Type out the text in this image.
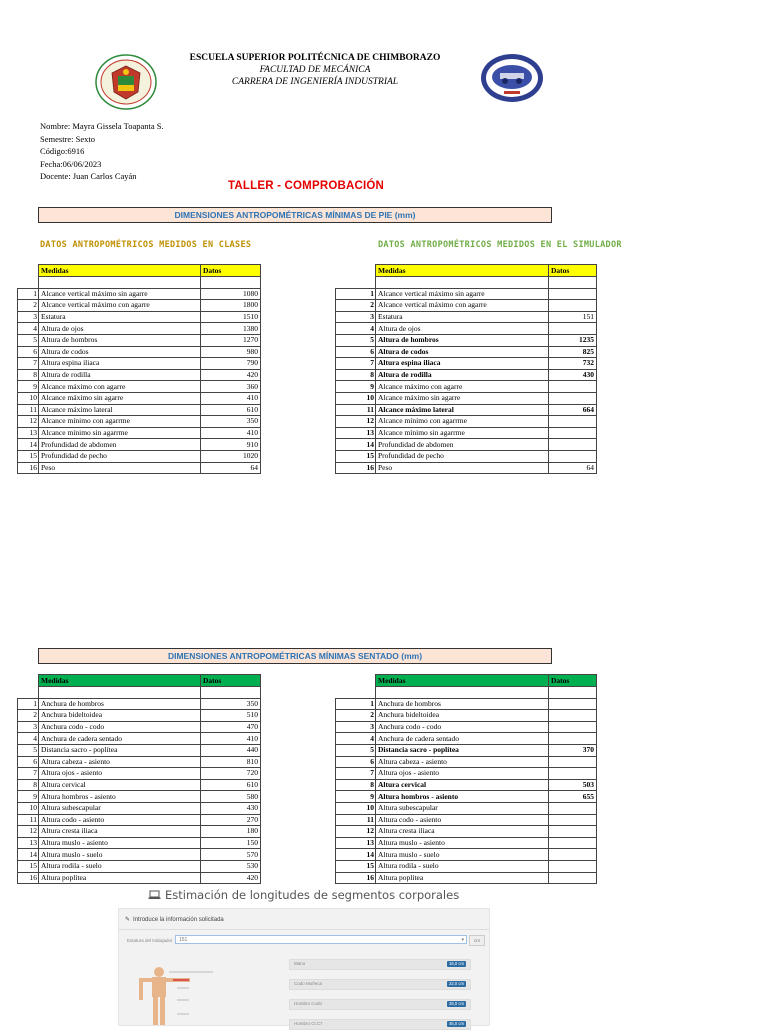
ESCUELA SUPERIOR POLITÉCNICA DE CHIMBORAZO
FACULTAD DE MECÁNICA
CARRERA DE INGENIERÍA INDUSTRIAL
Nombre: Mayra Gissela Toapanta S.
Semestre: Sexto
Código:6916
Fecha:06/06/2023
Docente: Juan Carlos Cayán
TALLER - COMPROBACIÓN
DIMENSIONES ANTROPOMÉTRICAS MÍNIMAS DE PIE (mm)
DATOS ANTROPOMÉTRICOS MEDIDOS EN CLASES	DATOS ANTROPOMÉTRICOS MEDIDOS EN EL SIMULADOR
	Medidas	Datos

1	Alcance vertical máximo sin agarre	1080
2	Alcance vertical máximo con agarre	1800
3	Estatura	1510
4	Altura de ojos	1380
5	Altura de hombros	1270
6	Altura de codos	980
7	Altura espina iliaca	790
8	Altura de rodilla	420
9	Alcance máximo con agarre	360
10	Alcance máximo sin agarre	410
11	Alcance máximo lateral	610
12	Alcance mínimo con agarrme	350
13	Alcance mínimo sin agarrme	410
14	Profundidad de abdomen	910
15	Profundidad de pecho	1020
16	Peso	64
	Medidas	Datos

1	Alcance vertical máximo sin agarre	
2	Alcance vertical máximo con agarre	
3	Estatura	151
4	Altura de ojos	
5	Altura de hombros	1235
6	Altura de codos	825
7	Altura espina iliaca	732
8	Altura de rodilla	430
9	Alcance máximo con agarre	
10	Alcance máximo sin agarre	
11	Alcance máximo lateral	664
12	Alcance mínimo con agarrme	
13	Alcance mínimo sin agarrme	
14	Profundidad de abdomen	
15	Profundidad de pecho	
16	Peso	64
DIMENSIONES ANTROPOMÉTRICAS MÍNIMAS SENTADO (mm)
	Medidas	Datos

1	Anchura de hombros	350
2	Anchura bideltoidea	510
3	Anchura codo - codo	470
4	Anchura de cadera sentado	410
5	Distancia sacro - poplítea	440
6	Altura cabeza - asiento	810
7	Altura ojos - asiento	720
8	Altura cervical	610
9	Altura hombros - asiento	580
10	Altura subescapular	430
11	Altura codo - asiento	270
12	Altura cresta iliaca	180
13	Altura muslo - asiento	150
14	Altura muslo - suelo	570
15	Altura rodila - suelo	530
16	Altura poplítea	420
	Medidas	Datos

1	Anchura de hombros	
2	Anchura bideltoidea	
3	Anchura codo - codo	
4	Anchura de cadera sentado	
5	Distancia sacro - poplítea	370
6	Altura cabeza - asiento	
7	Altura ojos - asiento	
8	Altura cervical	503
9	Altura hombros - asiento	655
10	Altura subescapular	
11	Altura codo - asiento	
12	Altura cresta iliaca	
13	Altura muslo - asiento	
14	Altura muslo - suelo	
15	Altura rodila - suelo	
16	Altura poplítea	
Estimación de longitudes de segmentos corporales
✎ Introduce la información solicitada
Estatura del trabajador	151	▾	cm
Mano	16,0 cm
Codo Muñeca	22,0 cm
Hombro Codo	28,0 cm
Hombro Cl.C7	45,0 cm
